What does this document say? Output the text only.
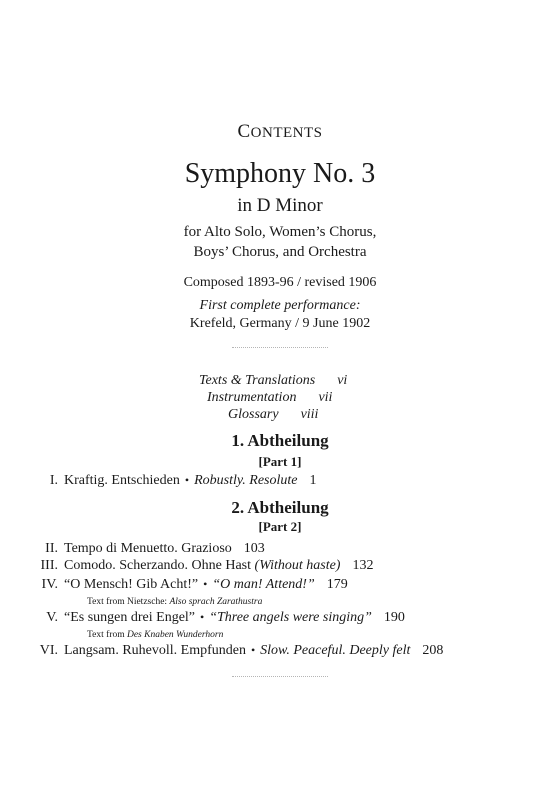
CONTENTS
Symphony No. 3
in D Minor
for Alto Solo, Women’s Chorus,
Boys’ Chorus, and Orchestra
Composed 1893-96 / revised 1906
First complete performance:
Krefeld, Germany / 9 June 1902
Texts & Translations vi
Instrumentation vii
Glossary viii
1. Abtheilung
[Part 1]
I. Kraftig. Entschieden • Robustly. Resolute 1
2. Abtheilung
[Part 2]
II. Tempo di Menuetto. Grazioso 103
III. Comodo. Scherzando. Ohne Hast (Without haste) 132
IV. “O Mensch! Gib Acht!” • “O man! Attend!” 179
Text from Nietzsche: Also sprach Zarathustra
V. “Es sungen drei Engel” • “Three angels were singing” 190
Text from Des Knaben Wunderhorn
VI. Langsam. Ruhevoll. Empfunden • Slow. Peaceful. Deeply felt 208
